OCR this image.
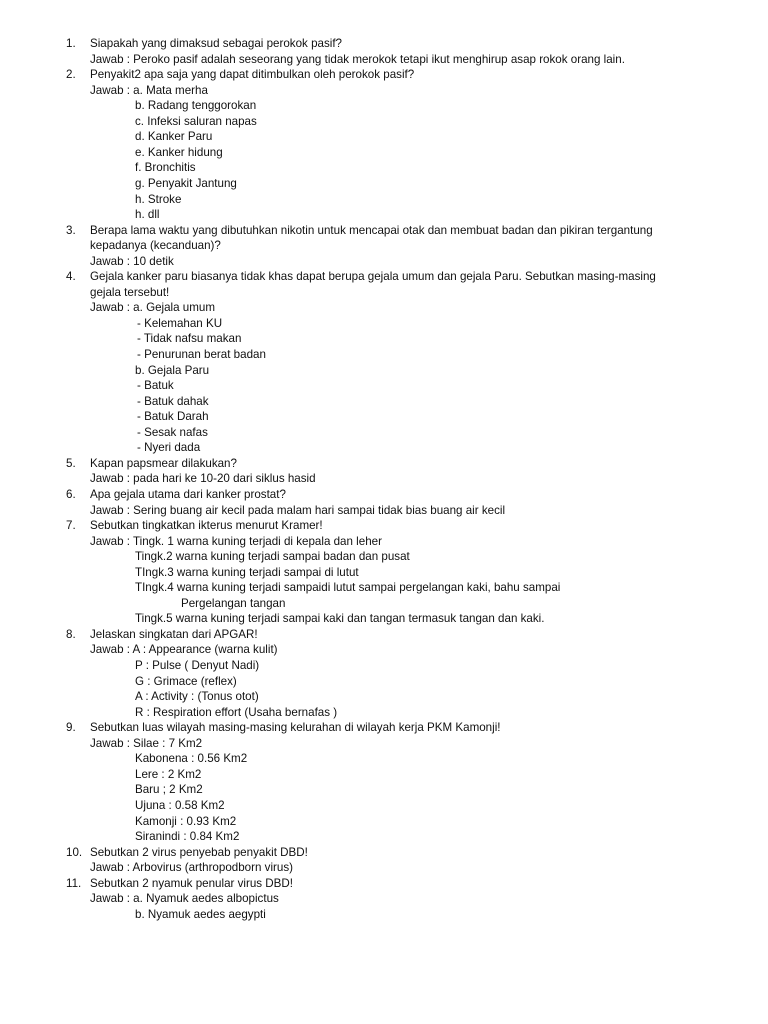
1. Siapakah yang dimaksud sebagai perokok pasif?
Jawab : Peroko pasif adalah seseorang yang tidak merokok tetapi ikut menghirup asap rokok orang lain.
2. Penyakit2 apa saja yang dapat ditimbulkan oleh perokok pasif?
Jawab : a. Mata merha
b. Radang tenggorokan
c. Infeksi saluran napas
d. Kanker Paru
e. Kanker hidung
f. Bronchitis
g. Penyakit Jantung
h. Stroke
h. dll
3. Berapa lama waktu yang dibutuhkan nikotin untuk mencapai otak dan membuat badan dan pikiran tergantung
kepadanya (kecanduan)?
Jawab : 10 detik
4. Gejala kanker paru biasanya tidak khas dapat berupa gejala umum dan gejala Paru. Sebutkan masing-masing
gejala tersebut!
Jawab : a. Gejala umum
- Kelemahan KU
- Tidak nafsu makan
- Penurunan berat badan
b. Gejala Paru
- Batuk
- Batuk dahak
- Batuk Darah
- Sesak nafas
- Nyeri dada
5. Kapan papsmear dilakukan?
Jawab : pada hari ke 10-20 dari siklus hasid
6. Apa gejala utama dari kanker prostat?
Jawab : Sering buang air kecil pada malam hari sampai tidak bias buang air kecil
7. Sebutkan tingkatkan ikterus menurut Kramer!
Jawab : Tingk. 1 warna kuning terjadi di kepala dan leher
Tingk.2 warna kuning terjadi sampai badan dan pusat
TIngk.3 warna kuning terjadi sampai di lutut
TIngk.4 warna kuning terjadi sampaidi lutut sampai pergelangan kaki, bahu sampai
Pergelangan tangan
Tingk.5 warna kuning terjadi sampai kaki dan tangan termasuk tangan dan kaki.
8. Jelaskan singkatan dari APGAR!
Jawab : A : Appearance (warna kulit)
P : Pulse ( Denyut Nadi)
G : Grimace (reflex)
A : Activity : (Tonus otot)
R : Respiration effort (Usaha bernafas )
9. Sebutkan luas wilayah masing-masing kelurahan di wilayah kerja PKM Kamonji!
Jawab : Silae : 7 Km2
Kabonena : 0.56 Km2
Lere : 2 Km2
Baru ; 2 Km2
Ujuna : 0.58 Km2
Kamonji : 0.93 Km2
Siranindi : 0.84 Km2
10. Sebutkan 2 virus penyebab penyakit DBD!
Jawab : Arbovirus (arthropodborn virus)
11. Sebutkan 2 nyamuk penular virus DBD!
Jawab : a. Nyamuk aedes albopictus
b. Nyamuk aedes aegypti
